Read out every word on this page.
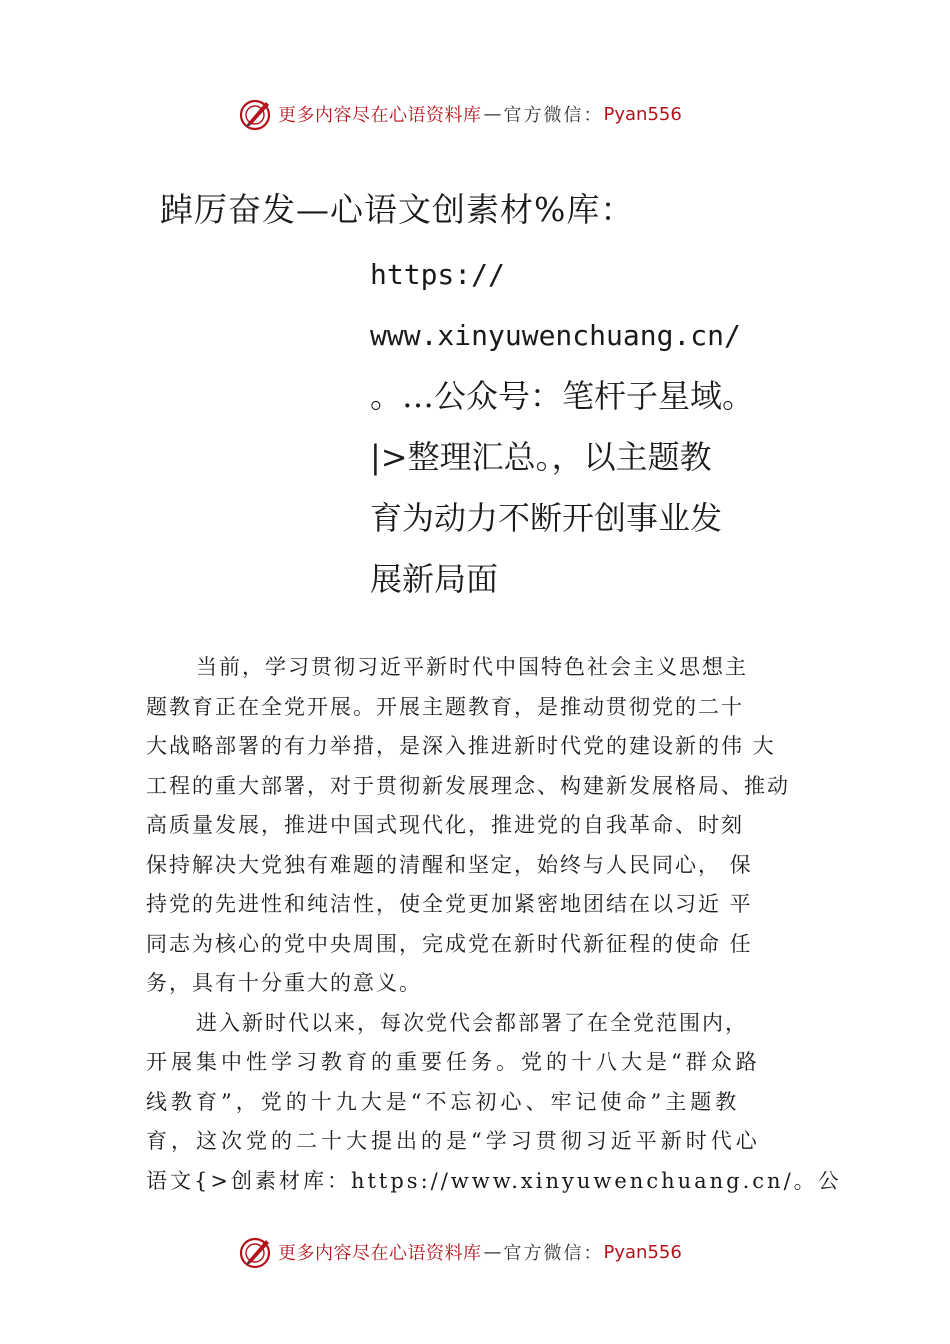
更多内容尽在心语资料库 — 官方微信： Pyan556
踔厉奋发—心语文创素材%库：
https://
www.xinyuwenchuang.cn/
。…公众号：笔杆子星域。
|>整理汇总。，以主题教
育为动力不断开创事业发
展新局面
当前，学习贯彻习近平新时代中国特色社会主义思想主
题教育正在全党开展。开展主题教育，是推动贯彻党的二十
大战略部署的有力举措，是深入推进新时代党的建设新的伟 大
工程的重大部署，对于贯彻新发展理念、构建新发展格局、推动
高质量发展，推进中国式现代化，推进党的自我革命、时刻
保持解决大党独有难题的清醒和坚定，始终与人民同心， 保
持党的先进性和纯洁性，使全党更加紧密地团结在以习近 平
同志为核心的党中央周围，完成党在新时代新征程的使命 任
务，具有十分重大的意义。
进入新时代以来，每次党代会都部署了在全党范围内，
开展集中性学习教育的重要任务。党的十八大是“群众路
线教育”，党的十九大是“不忘初心、牢记使命”主题教
育，这次党的二十大提出的是“学习贯彻习近平新时代心
语文{>创素材库：https://www.xinyuwenchuang.cn/。公
更多内容尽在心语资料库 — 官方微信： Pyan556
